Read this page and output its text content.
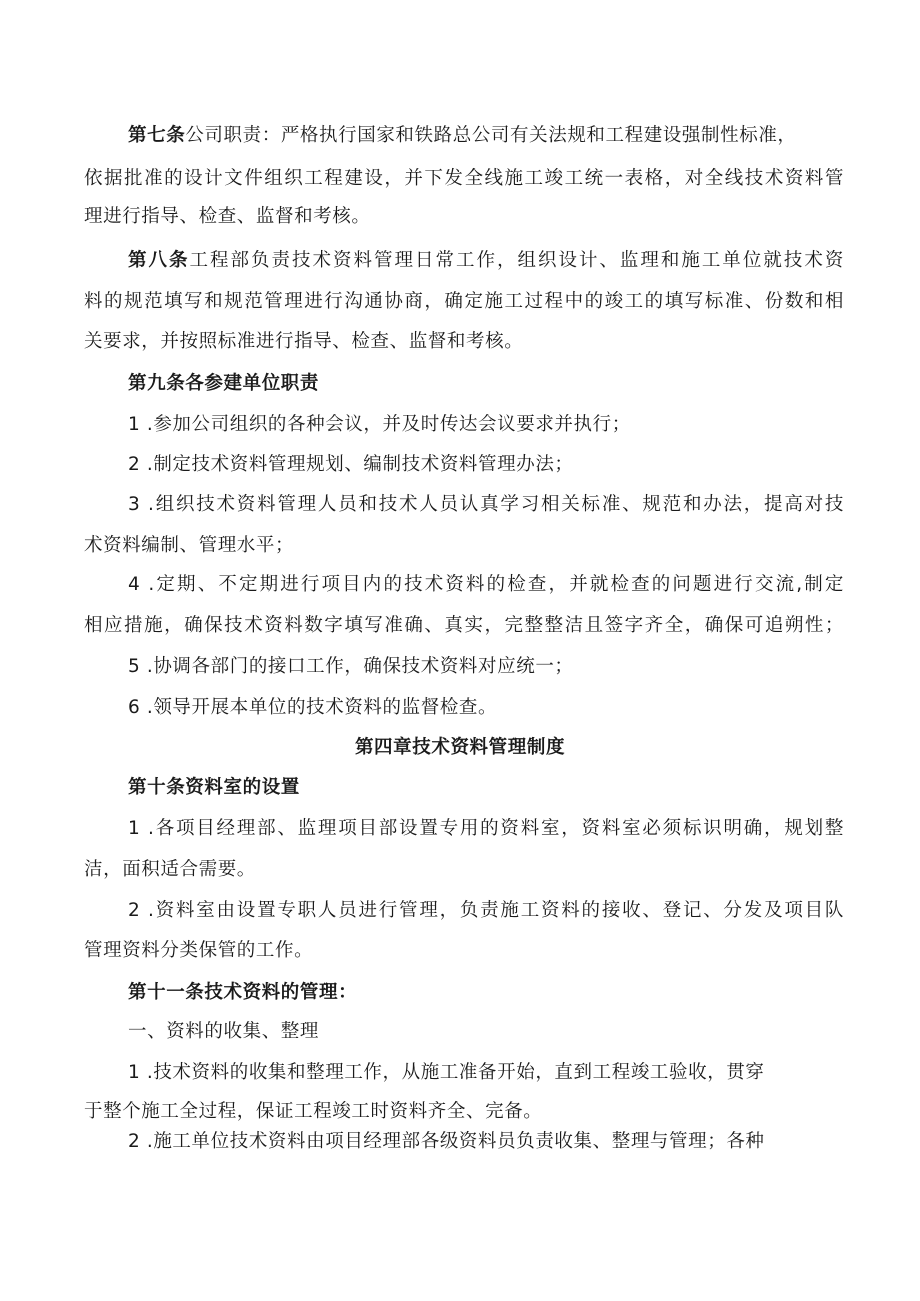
第七条公司职责：严格执行国家和铁路总公司有关法规和工程建设强制性标准，
依据批准的设计文件组织工程建设，并下发全线施工竣工统一表格，对全线技术资料管
理进行指导、检查、监督和考核。
第八条工程部负责技术资料管理日常工作，组织设计、监理和施工单位就技术资
料的规范填写和规范管理进行沟通协商，确定施工过程中的竣工的填写标准、份数和相
关要求，并按照标准进行指导、检查、监督和考核。
第九条各参建单位职责
1 .参加公司组织的各种会议，并及时传达会议要求并执行；
2 .制定技术资料管理规划、编制技术资料管理办法；
3 .组织技术资料管理人员和技术人员认真学习相关标准、规范和办法，提高对技
术资料编制、管理水平；
4 .定期、不定期进行项目内的技术资料的检查，并就检查的问题进行交流,制定
相应措施，确保技术资料数字填写准确、真实，完整整洁且签字齐全，确保可追朔性；
5 .协调各部门的接口工作，确保技术资料对应统一；
6 .领导开展本单位的技术资料的监督检查。
第四章技术资料管理制度
第十条资料室的设置
1 .各项目经理部、监理项目部设置专用的资料室，资料室必须标识明确，规划整
洁，面积适合需要。
2 .资料室由设置专职人员进行管理，负责施工资料的接收、登记、分发及项目队
管理资料分类保管的工作。
第十一条技术资料的管理：
一、资料的收集、整理
1 .技术资料的收集和整理工作，从施工准备开始，直到工程竣工验收，贯穿
于整个施工全过程，保证工程竣工时资料齐全、完备。
2 .施工单位技术资料由项目经理部各级资料员负责收集、整理与管理；各种
